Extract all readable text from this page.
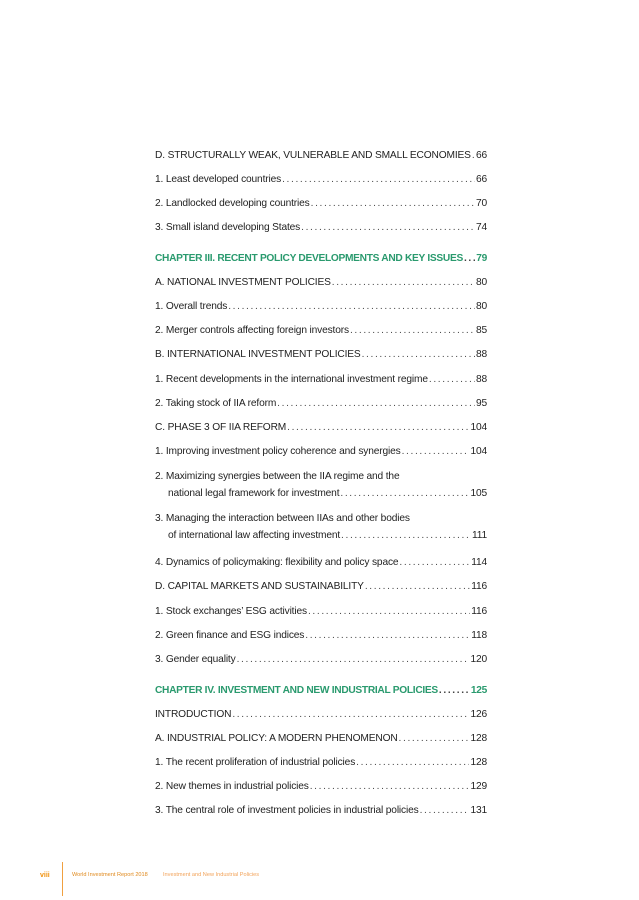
D. STRUCTURALLY WEAK, VULNERABLE AND SMALL ECONOMIES . . . 66
1. Least developed countries . . .	66
2. Landlocked developing countries . . .	70
3. Small island developing States . . .	74
CHAPTER III. RECENT POLICY DEVELOPMENTS AND KEY ISSUES . . . 79
A. NATIONAL INVESTMENT POLICIES . . .	80
1. Overall trends . . .	80
2. Merger controls affecting foreign investors . . .	85
B. INTERNATIONAL INVESTMENT POLICIES . . .	88
1. Recent developments in the international investment regime . . .	88
2. Taking stock of IIA reform . . .	95
C. PHASE 3 OF IIA REFORM . . .	104
1. Improving investment policy coherence and synergies . . .	104
2. Maximizing synergies between the IIA regime and the
national legal framework for investment . . .	105
3. Managing the interaction between IIAs and other bodies
of international law affecting investment . . .	111
4. Dynamics of policymaking: flexibility and policy space . . .	114
D. CAPITAL MARKETS AND SUSTAINABILITY . . .	116
1. Stock exchanges’ ESG activities . . .	116
2. Green finance and ESG indices . . .	118
3. Gender equality . . .	120
CHAPTER IV. INVESTMENT AND NEW INDUSTRIAL POLICIES . . .	125
INTRODUCTION . . .	126
A. INDUSTRIAL POLICY: A MODERN PHENOMENON . . .	128
1. The recent proliferation of industrial policies . . .	128
2. New themes in industrial policies . . .	129
3. The central role of investment policies in industrial policies . . .	131
viii	World Investment Report 2018	Investment and New Industrial Policies
